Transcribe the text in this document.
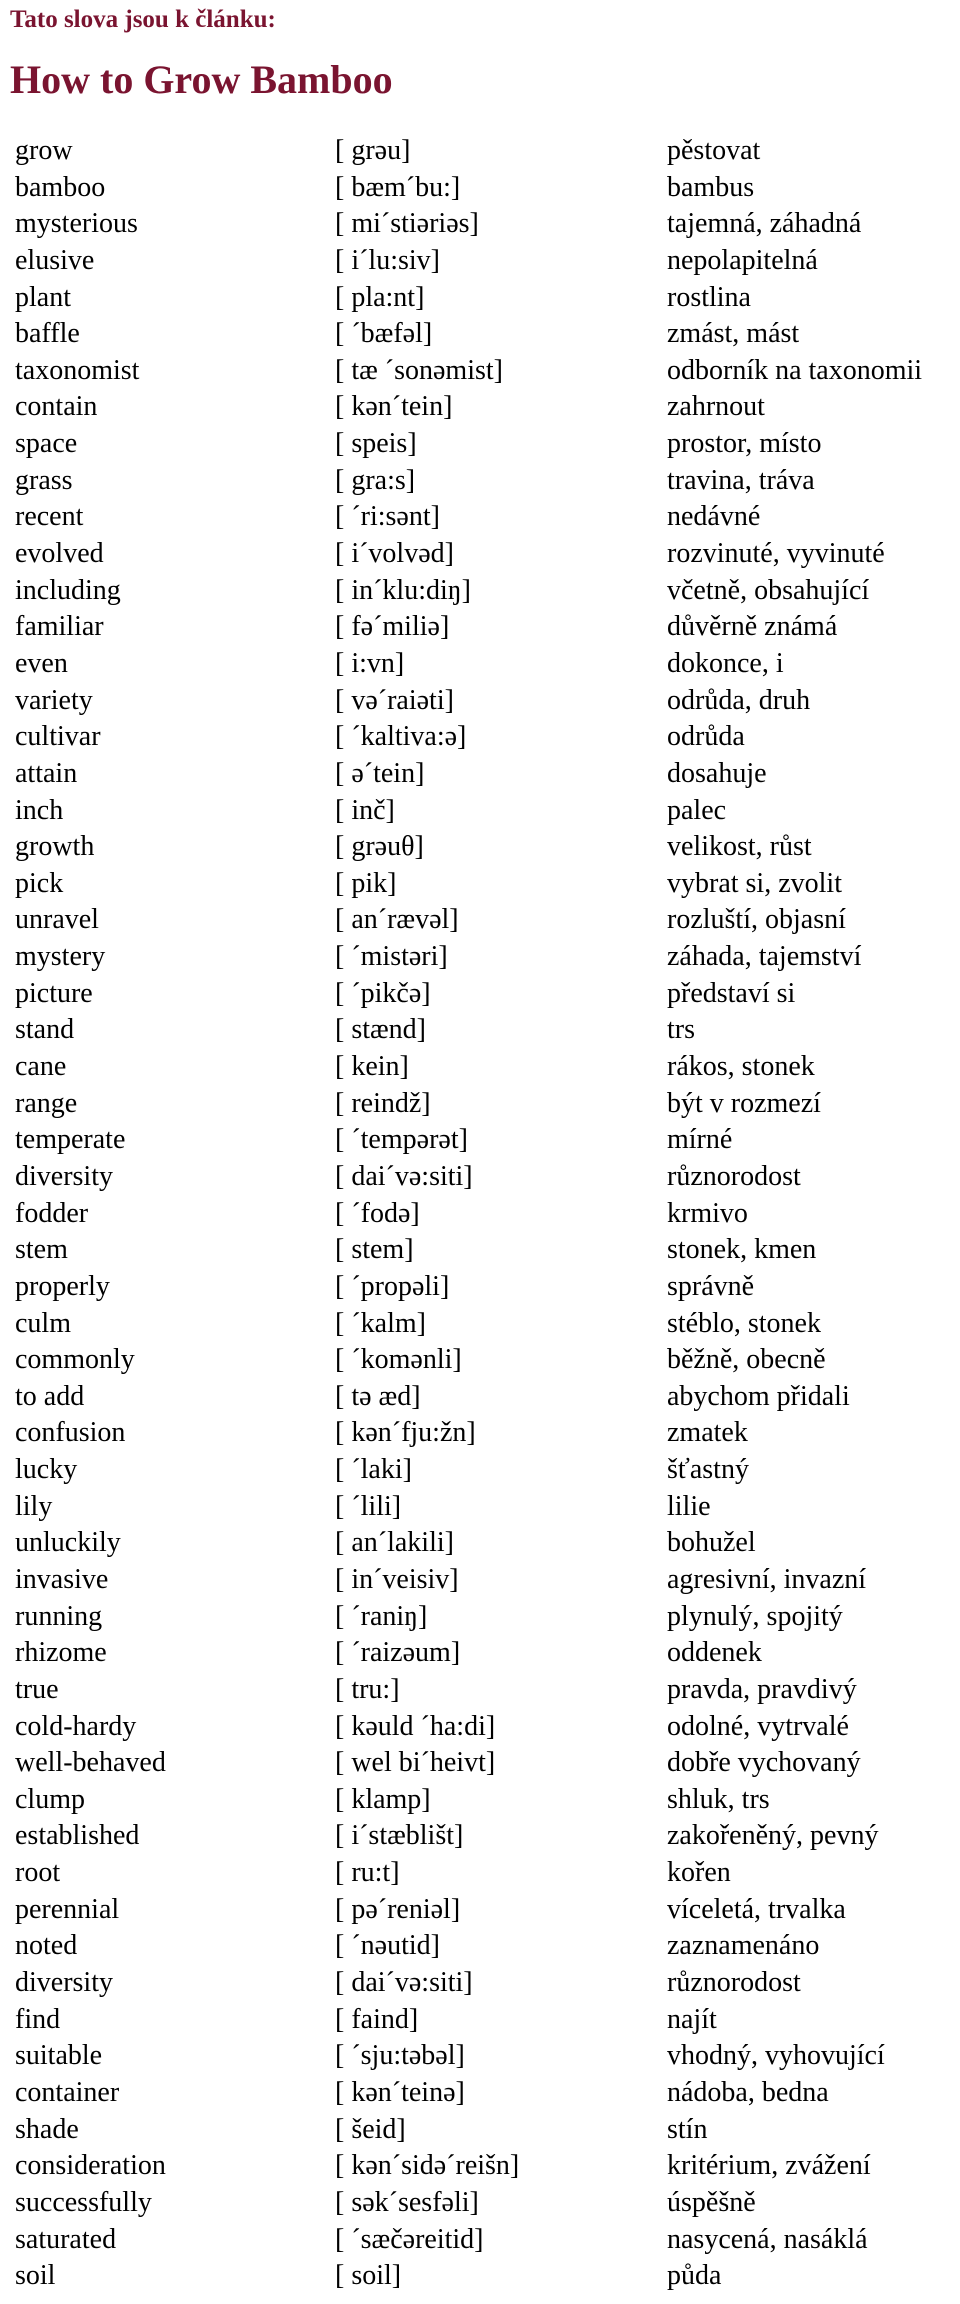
Tato slova jsou k článku:
How to Grow Bamboo
grow
bamboo
mysterious
elusive
plant
baffle
taxonomist
contain
space
grass
recent
evolved
including
familiar
even
variety
cultivar
attain
inch
growth
pick
unravel
mystery
picture
stand
cane
range
temperate
diversity
fodder
stem
properly
culm
commonly
to add
confusion
lucky
lily
unluckily
invasive
running
rhizome
true
cold-hardy
well-behaved
clump
established
root
perennial
noted
diversity
find
suitable
container
shade
consideration
successfully
saturated
soil
[ grəu]
[ bæm´bu:]
[ mi´stiəriəs]
[ i´lu:siv]
[ pla:nt]
[ ´bæfəl]
[ tæ ´sonəmist]
[ kən´tein]
[ speis]
[ gra:s]
[ ´ri:sənt]
[ i´volvəd]
[ in´klu:diŋ]
[ fə´miliə]
[ i:vn]
[ və´raiəti]
[ ´kaltiva:ə]
[ ə´tein]
[ inč]
[ grəuθ]
[ pik]
[ an´rævəl]
[ ´mistəri]
[ ´pikčə]
[ stænd]
[ kein]
[ reindž]
[ ´tempərət]
[ dai´və:siti]
[ ´fodə]
[ stem]
[ ´propəli]
[ ´kalm]
[ ´komənli]
[ tə æd]
[ kən´fju:žn]
[ ´laki]
[ ´lili]
[ an´lakili]
[ in´veisiv]
[ ´raniŋ]
[ ´raizəum]
[ tru:]
[ kəuld ´ha:di]
[ wel bi´heivt]
[ klamp]
[ i´stæblišt]
[ ru:t]
[ pə´reniəl]
[ ´nəutid]
[ dai´və:siti]
[ faind]
[ ´sju:təbəl]
[ kən´teinə]
[ šeid]
[ kən´sidə´reišn]
[ sək´sesfəli]
[ ´sæčəreitid]
[ soil]
pěstovat
bambus
tajemná, záhadná
nepolapitelná
rostlina
zmást, mást
odborník na taxonomii
zahrnout
prostor, místo
travina, tráva
nedávné
rozvinuté, vyvinuté
včetně, obsahující
důvěrně známá
dokonce, i
odrůda, druh
odrůda
dosahuje
palec
velikost, růst
vybrat si, zvolit
rozluští, objasní
záhada, tajemství
představí si
trs
rákos, stonek
být v rozmezí
mírné
různorodost
krmivo
stonek, kmen
správně
stéblo, stonek
běžně, obecně
abychom přidali
zmatek
šťastný
lilie
bohužel
agresivní, invazní
plynulý, spojitý
oddenek
pravda, pravdivý
odolné, vytrvalé
dobře vychovaný
shluk, trs
zakořeněný, pevný
kořen
víceletá, trvalka
zaznamenáno
různorodost
najít
vhodný, vyhovující
nádoba, bedna
stín
kritérium, zvážení
úspěšně
nasycená, nasáklá
půda
